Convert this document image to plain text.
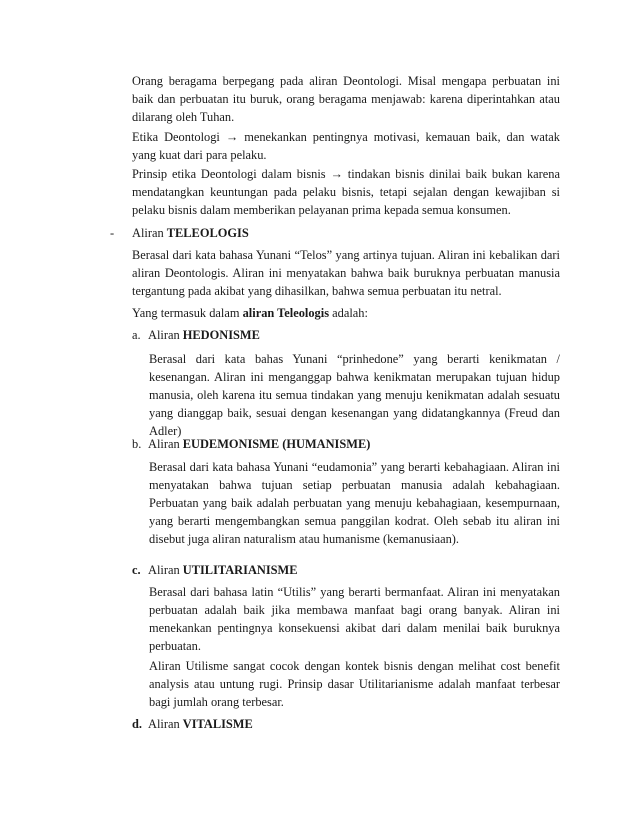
Orang beragama berpegang pada aliran Deontologi. Misal mengapa perbuatan ini baik dan perbuatan itu buruk, orang beragama menjawab: karena diperintahkan atau dilarang oleh Tuhan.

Etika Deontologi → menekankan pentingnya motivasi, kemauan baik, dan watak yang kuat dari para pelaku.

Prinsip etika Deontologi dalam bisnis → tindakan bisnis dinilai baik bukan karena mendatangkan keuntungan pada pelaku bisnis, tetapi sejalan dengan kewajiban si pelaku bisnis dalam memberikan pelayanan prima kepada semua konsumen.

- Aliran TELEOLOGIS

Berasal dari kata bahasa Yunani “Telos” yang artinya tujuan. Aliran ini kebalikan dari aliran Deontologis. Aliran ini menyatakan bahwa baik buruknya perbuatan manusia tergantung pada akibat yang dihasilkan, bahwa semua perbuatan itu netral.

Yang termasuk dalam aliran Teleologis adalah:

a. Aliran HEDONISME

Berasal dari kata bahas Yunani “prinhedone” yang berarti kenikmatan / kesenangan. Aliran ini menganggap bahwa kenikmatan merupakan tujuan hidup manusia, oleh karena itu semua tindakan yang menuju kenikmatan adalah sesuatu yang dianggap baik, sesuai dengan kesenangan yang didatangkannya (Freud dan Adler)

b. Aliran EUDEMONISME (HUMANISME)

Berasal dari kata bahasa Yunani “eudamonia” yang berarti kebahagiaan. Aliran ini menyatakan bahwa tujuan setiap perbuatan manusia adalah kebahagiaan. Perbuatan yang baik adalah perbuatan yang menuju kebahagiaan, kesempurnaan, yang berarti mengembangkan semua panggilan kodrat. Oleh sebab itu aliran ini disebut juga aliran naturalism atau humanisme (kemanusiaan).

c. Aliran UTILITARIANISME

Berasal dari bahasa latin “Utilis” yang berarti bermanfaat. Aliran ini menyatakan perbuatan adalah baik jika membawa manfaat bagi orang banyak. Aliran ini menekankan pentingnya konsekuensi akibat dari dalam menilai baik buruknya perbuatan.

Aliran Utilisme sangat cocok dengan kontek bisnis dengan melihat cost benefit analysis atau untung rugi. Prinsip dasar Utilitarianisme adalah manfaat terbesar bagi jumlah orang terbesar.

d. Aliran VITALISME
